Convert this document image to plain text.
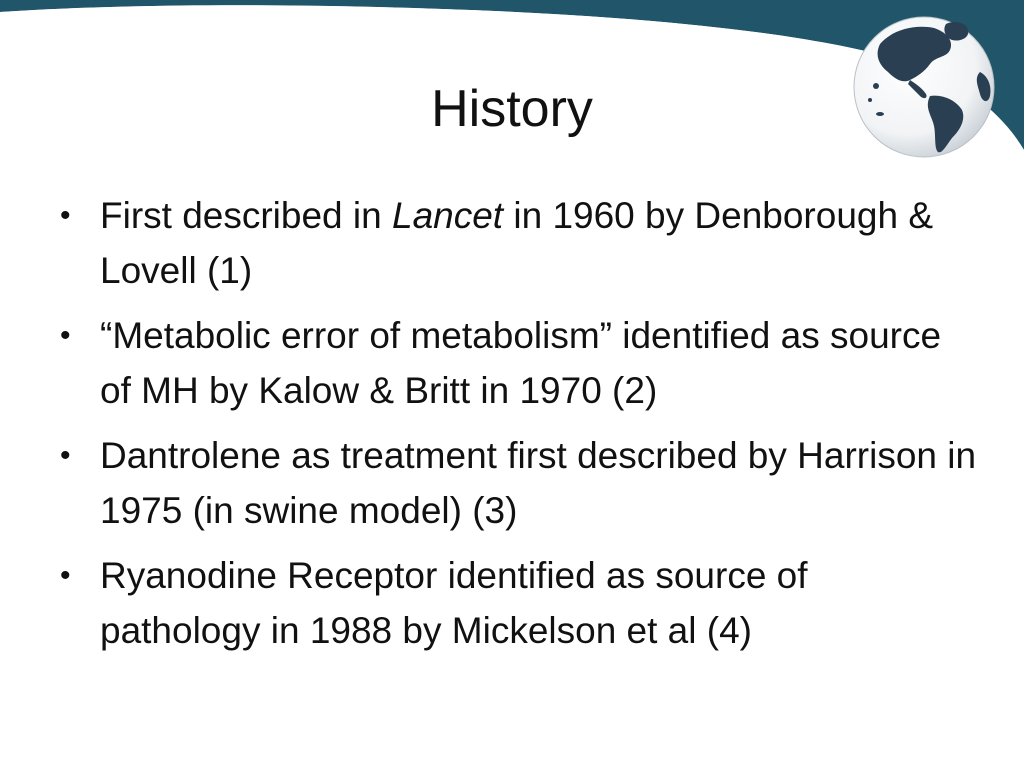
History
• First described in Lancet in 1960 by Denborough & Lovell (1)
• “Metabolic error of metabolism” identified as source of MH by Kalow & Britt in 1970 (2)
• Dantrolene as treatment first described by Harrison in 1975 (in swine model) (3)
• Ryanodine Receptor identified as source of pathology in 1988 by Mickelson et al (4)
